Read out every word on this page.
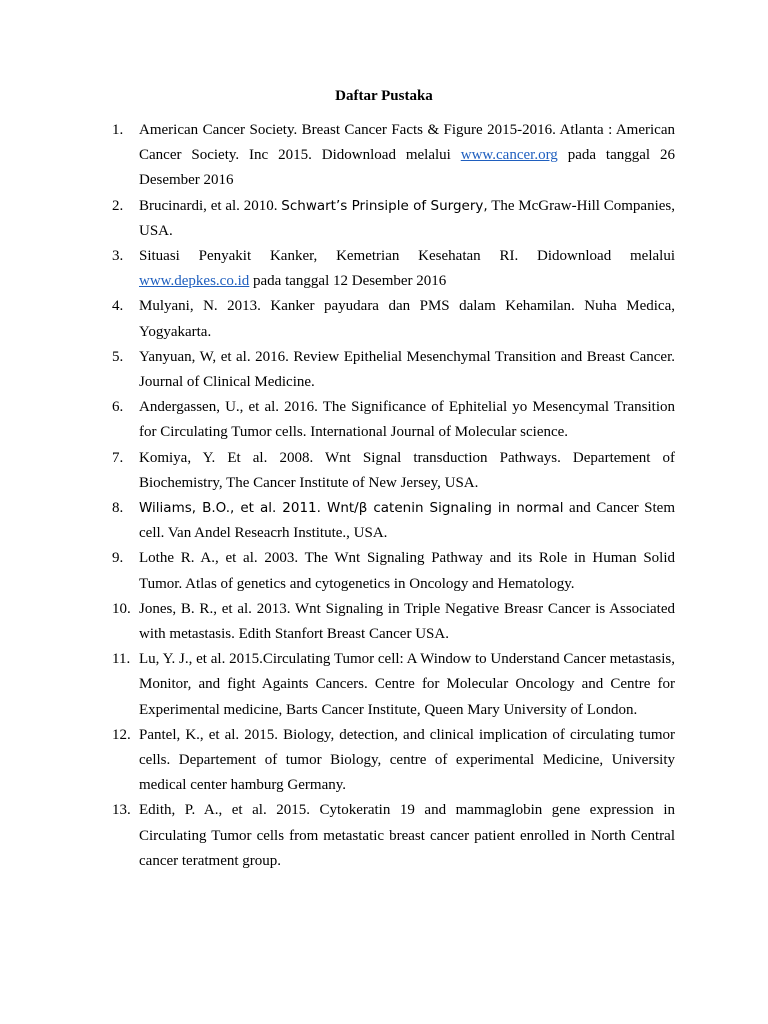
Daftar Pustaka
1. American Cancer Society. Breast Cancer Facts & Figure 2015-2016. Atlanta : American Cancer Society. Inc 2015. Didownload melalui www.cancer.org pada tanggal 26 Desember 2016
2. Brucinardi, et al. 2010. Schwart’s Prinsiple of Surgery, The McGraw-Hill Companies, USA.
3. Situasi Penyakit Kanker, Kemetrian Kesehatan RI. Didownload melalui www.depkes.co.id pada tanggal 12 Desember 2016
4. Mulyani, N. 2013. Kanker payudara dan PMS dalam Kehamilan. Nuha Medica, Yogyakarta.
5. Yanyuan, W, et al. 2016. Review Epithelial Mesenchymal Transition and Breast Cancer. Journal of Clinical Medicine.
6. Andergassen, U., et al. 2016. The Significance of Ephitelial yo Mesencymal Transition for Circulating Tumor cells. International Journal of Molecular science.
7. Komiya, Y. Et al. 2008. Wnt Signal transduction Pathways. Departement of Biochemistry, The Cancer Institute of New Jersey, USA.
8. Wiliams, B.O., et al. 2011. Wnt/β catenin Signaling in normal and Cancer Stem cell. Van Andel Reseacrh Institute., USA.
9. Lothe R. A., et al. 2003. The Wnt Signaling Pathway and its Role in Human Solid Tumor. Atlas of genetics and cytogenetics in Oncology and Hematology.
10. Jones, B. R., et al. 2013. Wnt Signaling in Triple Negative Breasr Cancer is Associated with metastasis. Edith Stanfort Breast Cancer USA.
11. Lu, Y. J., et al. 2015.Circulating Tumor cell: A Window to Understand Cancer metastasis, Monitor, and fight Againts Cancers. Centre for Molecular Oncology and Centre for Experimental medicine, Barts Cancer Institute, Queen Mary University of London.
12. Pantel, K., et al. 2015. Biology, detection, and clinical implication of circulating tumor cells. Departement of tumor Biology, centre of experimental Medicine, University medical center hamburg Germany.
13. Edith, P. A., et al. 2015. Cytokeratin 19 and mammaglobin gene expression in Circulating Tumor cells from metastatic breast cancer patient enrolled in North Central cancer teratment group.
